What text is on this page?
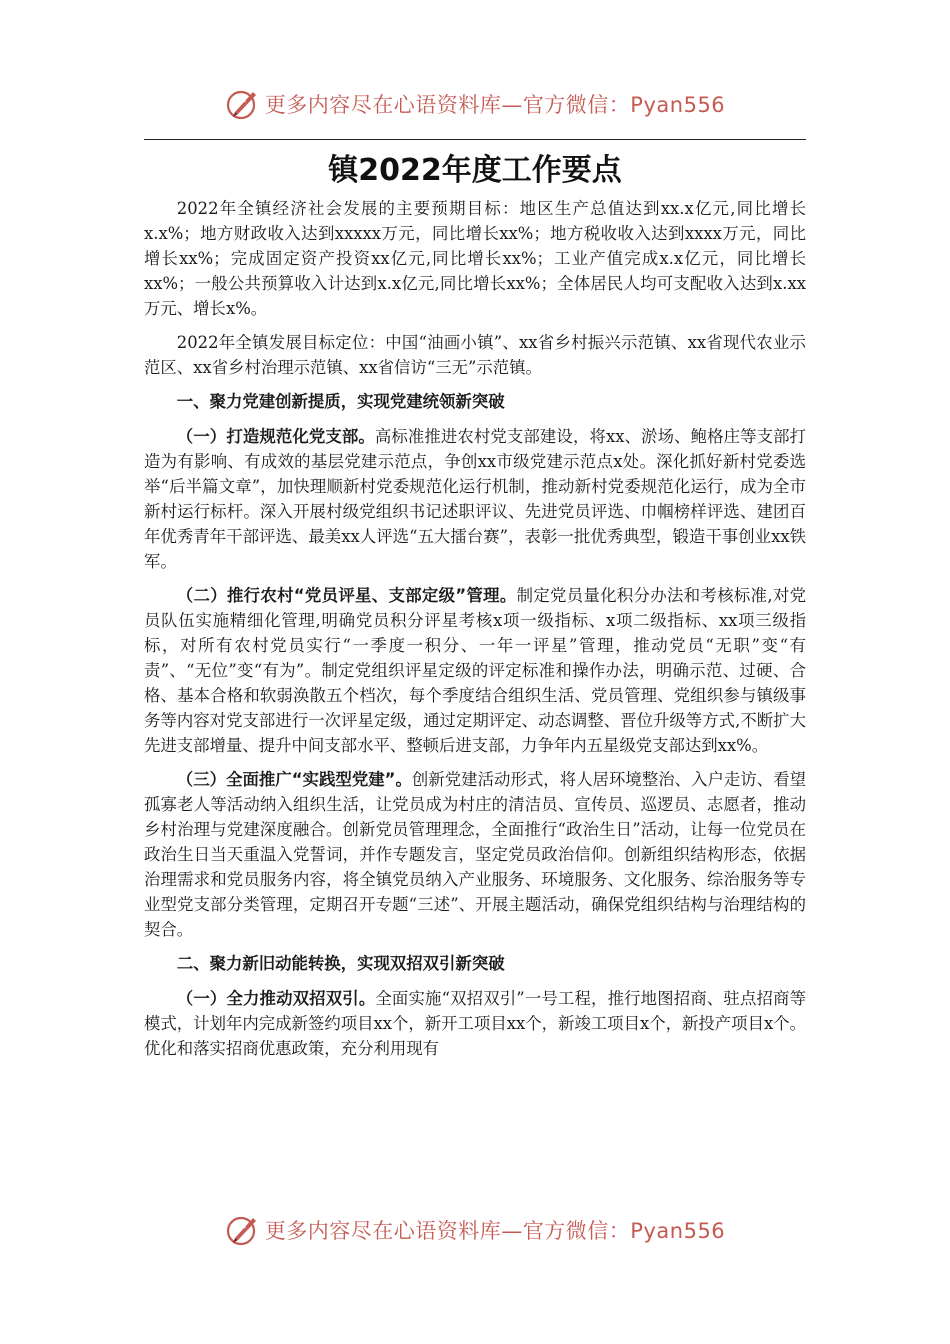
更多内容尽在心语资料库—官方微信：Pyan556
镇2022年度工作要点

2022年全镇经济社会发展的主要预期目标：地区生产总值达到xx.x亿元,同比增长x.x%；地方财政收入达到xxxxx万元，同比增长xx%；地方税收收入达到xxxx万元，同比增长xx%；完成固定资产投资xx亿元,同比增长xx%；工业产值完成x.x亿元，同比增长xx%；一般公共预算收入计达到x.x亿元,同比增长xx%；全体居民人均可支配收入达到x.xx万元、增长x%。

2022年全镇发展目标定位：中国“油画小镇”、xx省乡村振兴示范镇、xx省现代农业示范区、xx省乡村治理示范镇、xx省信访“三无”示范镇。

一、聚力党建创新提质，实现党建统领新突破

（一）打造规范化党支部。高标准推进农村党支部建设，将xx、淤场、鲍格庄等支部打造为有影响、有成效的基层党建示范点，争创xx市级党建示范点x处。深化抓好新村党委选举“后半篇文章”，加快理顺新村党委规范化运行机制，推动新村党委规范化运行，成为全市新村运行标杆。深入开展村级党组织书记述职评议、先进党员评选、巾帼榜样评选、建团百年优秀青年干部评选、最美xx人评选“五大擂台赛”，表彰一批优秀典型，锻造干事创业xx铁军。

（二）推行农村“党员评星、支部定级”管理。制定党员量化积分办法和考核标准,对党员队伍实施精细化管理,明确党员积分评星考核x项一级指标、x项二级指标、xx项三级指标，对所有农村党员实行“一季度一积分、一年一评星”管理，推动党员“无职”变“有责”、“无位”变“有为”。制定党组织评星定级的评定标准和操作办法，明确示范、过硬、合格、基本合格和软弱涣散五个档次，每个季度结合组织生活、党员管理、党组织参与镇级事务等内容对党支部进行一次评星定级，通过定期评定、动态调整、晋位升级等方式,不断扩大先进支部增量、提升中间支部水平、整顿后进支部，力争年内五星级党支部达到xx%。

（三）全面推广“实践型党建”。创新党建活动形式，将人居环境整治、入户走访、看望孤寡老人等活动纳入组织生活，让党员成为村庄的清洁员、宣传员、巡逻员、志愿者，推动乡村治理与党建深度融合。创新党员管理理念，全面推行“政治生日”活动，让每一位党员在政治生日当天重温入党誓词，并作专题发言，坚定党员政治信仰。创新组织结构形态，依据治理需求和党员服务内容，将全镇党员纳入产业服务、环境服务、文化服务、综治服务等专业型党支部分类管理，定期召开专题“三述”、开展主题活动，确保党组织结构与治理结构的契合。

二、聚力新旧动能转换，实现双招双引新突破

（一）全力推动双招双引。全面实施“双招双引”一号工程，推行地图招商、驻点招商等模式，计划年内完成新签约项目xx个，新开工项目xx个，新竣工项目x个，新投产项目x个。优化和落实招商优惠政策，充分利用现有

更多内容尽在心语资料库—官方微信：Pyan556
